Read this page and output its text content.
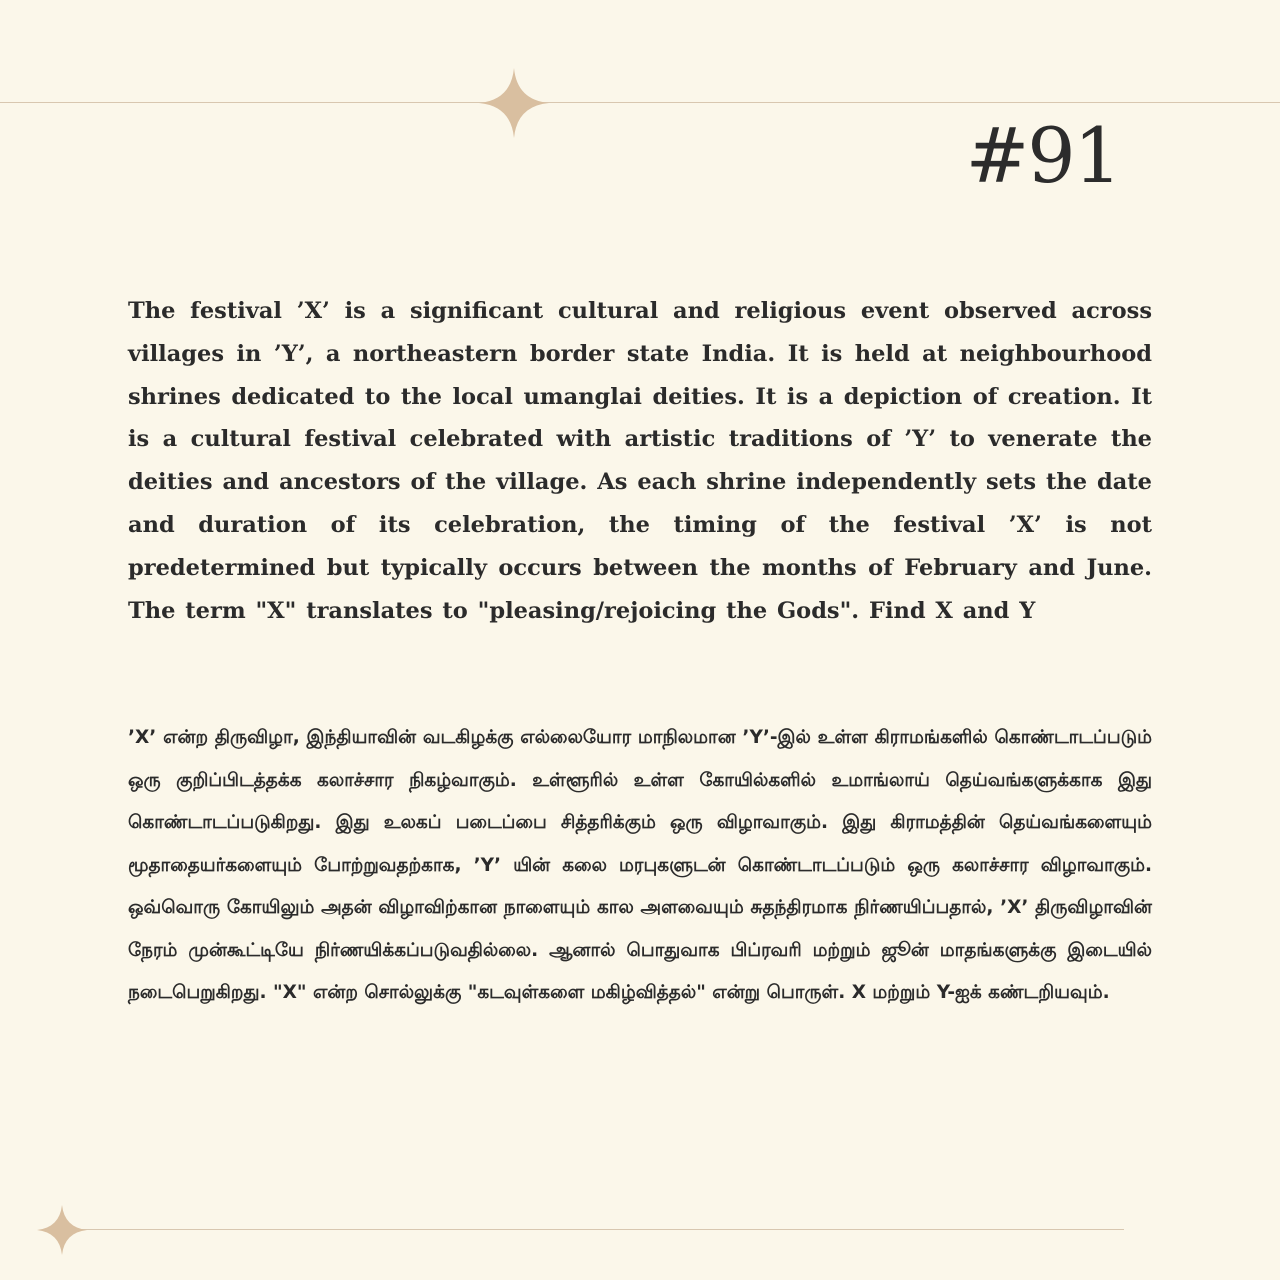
#91
The festival ’X’ is a significant cultural and religious event observed across villages in ’Y’, a northeastern border state India. It is held at neighbourhood shrines dedicated to the local umanglai deities. It is a depiction of creation. It is a cultural festival celebrated with artistic traditions of ’Y’ to venerate the deities and ancestors of the village. As each shrine independently sets the date and duration of its celebration, the timing of the festival ’X’ is not predetermined but typically occurs between the months of February and June. The term "X" translates to "pleasing/rejoicing the Gods". Find X and Y
’X’ என்ற திருவிழா, இந்தியாவின் வடகிழக்கு எல்லையோர மாநிலமான ’Y’-இல் உள்ள கிராமங்களில் கொண்டாடப்படும் ஒரு குறிப்பிடத்தக்க கலாச்சார நிகழ்வாகும். உள்ளூரில் உள்ள கோயில்களில் உமாங்லாய் தெய்வங்களுக்காக இது கொண்டாடப்படுகிறது. இது உலகப் படைப்பை சித்தரிக்கும் ஒரு விழாவாகும். இது கிராமத்தின் தெய்வங்களையும் மூதாதையர்களையும் போற்றுவதற்காக, ’Y’ யின் கலை மரபுகளுடன் கொண்டாடப்படும் ஒரு கலாச்சார விழாவாகும். ஒவ்வொரு கோயிலும் அதன் விழாவிற்கான நாளையும் கால அளவையும் சுதந்திரமாக நிர்ணயிப்பதால், ’X’ திருவிழாவின் நேரம் முன்கூட்டியே நிர்ணயிக்கப்படுவதில்லை. ஆனால் பொதுவாக பிப்ரவரி மற்றும் ஜூன் மாதங்களுக்கு இடையில் நடைபெறுகிறது. "X" என்ற சொல்லுக்கு "கடவுள்களை மகிழ்வித்தல்" என்று பொருள். X மற்றும் Y-ஐக் கண்டறியவும்.
